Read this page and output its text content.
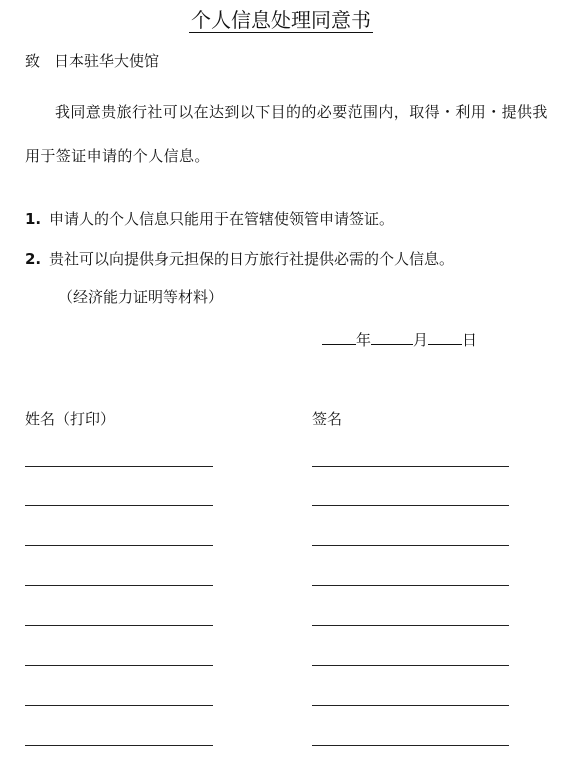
个人信息处理同意书
致 日本驻华大使馆

我同意贵旅行社可以在达到以下目的的必要范围内，取得・利用・提供我用于签证申请的个人信息。

1. 申请人的个人信息只能用于在管辖使领管申请签证。
2. 贵社可以向提供身元担保的日方旅行社提供必需的个人信息。
（经济能力证明等材料）
年	月 日
姓名（打印）	签名
